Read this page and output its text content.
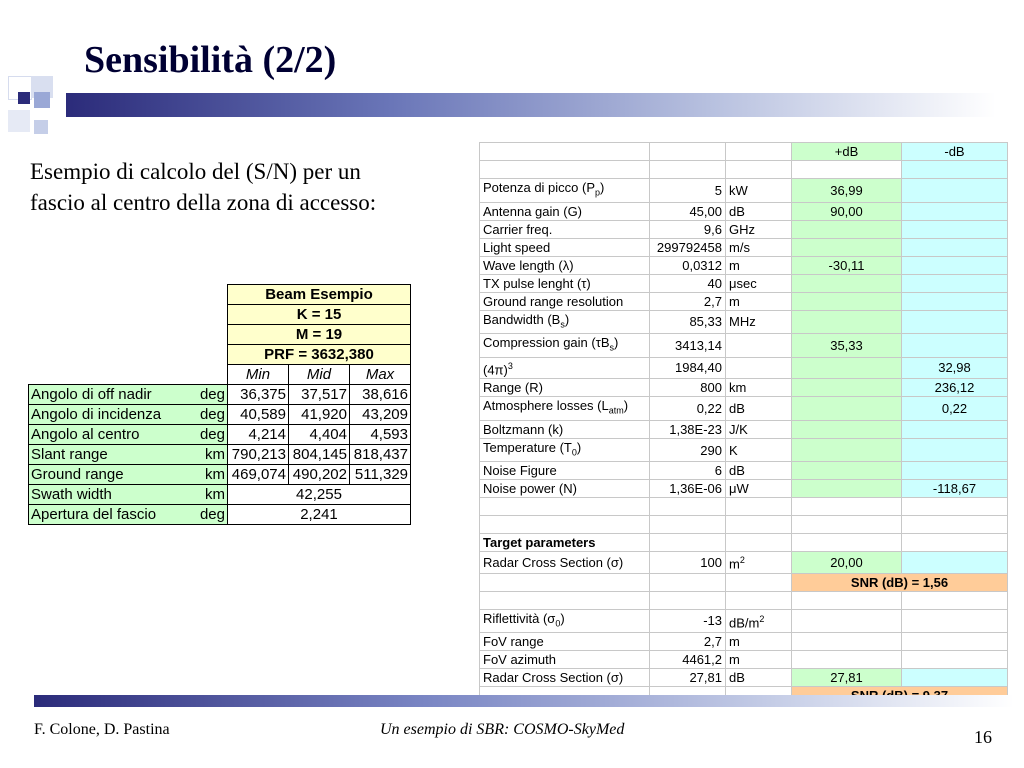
Sensibilità (2/2)
Esempio di calcolo del (S/N) per un fascio al centro della zona di accesso:
		Beam Esempio		
		K = 15		
		M = 19		
		PRF = 3632,380		
		Min	Mid	Max
Angolo di off nadir	deg	36,375	37,517	38,616
Angolo di incidenza	deg	40,589	41,920	43,209
Angolo al centro	deg	4,214	4,404	4,593
Slant range	km	790,213	804,145	818,437
Ground range	km	469,074	490,202	511,329
Swath width	km	42,255		
Apertura del fascio	deg	2,241		
			+dB	-dB

Potenza di picco $(P_p)$	5	kW	36,99	
Antenna gain (G)	45,00	dB	90,00	
Carrier freq.	9,6	GHz		
Light speed	299792458	m/s		
Wave length (λ)	0,0312	m	-30,11	
TX pulse lenght (τ)	40	μsec		
Ground range resolution	2,7	m		
Bandwidth $(B_s)$	85,33	MHz		
Compression gain $(\tau B_s)$	3413,14		35,33	
$(4\pi)^3$	1984,40			32,98
Range (R)	800	km		236,12
Atmosphere losses $(L_{atm})$	0,22	dB		0,22
Boltzmann (k)	1,38E-23	J/K		
Temperature $(T_0)$	290	K		
Noise Figure	6	dB		
Noise power (N)	1,36E-06	μW		-118,67

Target parameters				
Radar Cross Section (σ)	100	$m^2$	20,00	
			SNR (dB) = 1,56	

Riflettività $(\sigma_0)$	-13	$dB/m^2$		
FoV range	2,7	m		
FoV azimuth	4461,2	m		
Radar Cross Section (σ)	27,81	dB	27,81	

F. Colone, D. Pastina	Un esempio di SBR: COSMO-SkyMed	16
